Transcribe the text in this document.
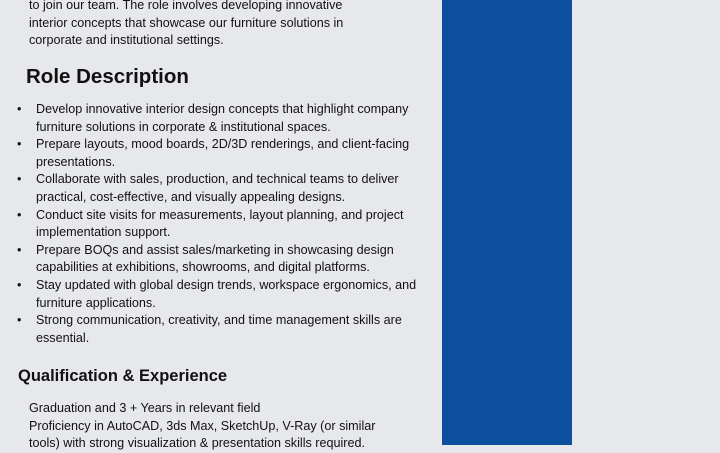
to join our team. The role involves developing innovative
interior concepts that showcase our furniture solutions in
corporate and institutional settings.
Role Description
• Develop innovative interior design concepts that highlight company furniture solutions in corporate & institutional spaces.
• Prepare layouts, mood boards, 2D/3D renderings, and client-facing presentations.
• Collaborate with sales, production, and technical teams to deliver practical, cost-effective, and visually appealing designs.
• Conduct site visits for measurements, layout planning, and project implementation support.
• Prepare BOQs and assist sales/marketing in showcasing design capabilities at exhibitions, showrooms, and digital platforms.
• Stay updated with global design trends, workspace ergonomics, and furniture applications.
• Strong communication, creativity, and time management skills are essential.
Qualification & Experience
Graduation and 3 + Years in relevant field
Proficiency in AutoCAD, 3ds Max, SketchUp, V-Ray (or similar
tools) with strong visualization & presentation skills required.
